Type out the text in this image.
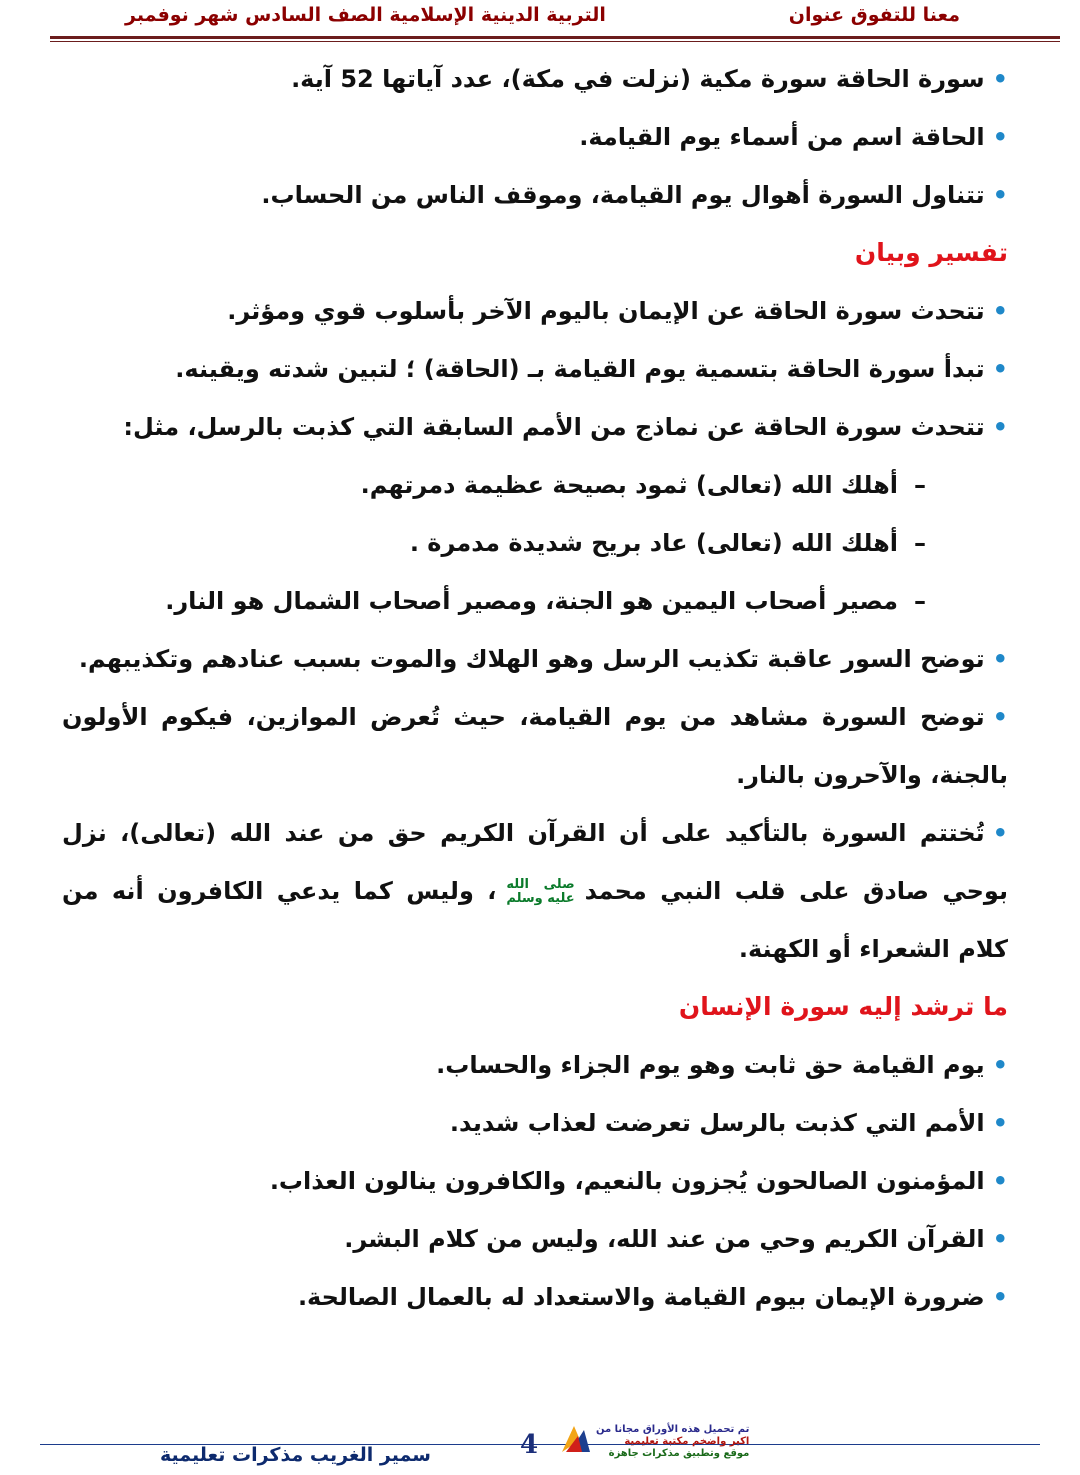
معنا للتفوق عنوان
التربية الدينية الإسلامية الصف السادس شهر نوفمبر
•سورة الحاقة سورة مكية (نزلت في مكة)، عدد آياتها 52 آية.
•الحاقة اسم من أسماء يوم القيامة.
•تتناول السورة أهوال يوم القيامة، وموقف الناس من الحساب.
تفسير وبيان
•تتحدث سورة الحاقة عن الإيمان باليوم الآخر بأسلوب قوي ومؤثر.
•تبدأ سورة الحاقة بتسمية يوم القيامة بـ (الحاقة) ؛ لتبين شدته ويقينه.
•تتحدث سورة الحاقة عن نماذج من الأمم السابقة التي كذبت بالرسل، مثل:
–أهلك الله (تعالى) ثمود بصيحة عظيمة دمرتهم.
–أهلك الله (تعالى) عاد بريح شديدة مدمرة .
–مصير أصحاب اليمين هو الجنة، ومصير أصحاب الشمال هو النار.
•توضح السور عاقبة تكذيب الرسل وهو الهلاك والموت بسبب عنادهم وتكذيبهم.
•توضح السورة مشاهد من يوم القيامة، حيث تُعرض الموازين، فيكوم الأولون
بالجنة، والآحرون بالنار.
•تُختتم السورة بالتأكيد على أن القرآن الكريم حق من عند الله (تعالى)، نزل
بوحي صادق على قلب النبي محمدصلى الله
عليه وسلم، وليس كما يدعي الكافرون أنه من
كلام الشعراء أو الكهنة.
ما ترشد إليه سورة الإنسان
•يوم القيامة حق ثابت وهو يوم الجزاء والحساب.
•الأمم التي كذبت بالرسل تعرضت لعذاب شديد.
•المؤمنون الصالحون يُجزون بالنعيم، والكافرون ينالون العذاب.
•القرآن الكريم وحي من عند الله، وليس من كلام البشر.
•ضرورة الإيمان بيوم القيامة والاستعداد له بالعمال الصالحة.
سمير الغريب مذكرات تعليمية	4
تم تحميل هذه الأوراق مجانا من
اكبر واضخم مكتبة تعليمية
موقع وتطبيق مذكرات جاهزة
